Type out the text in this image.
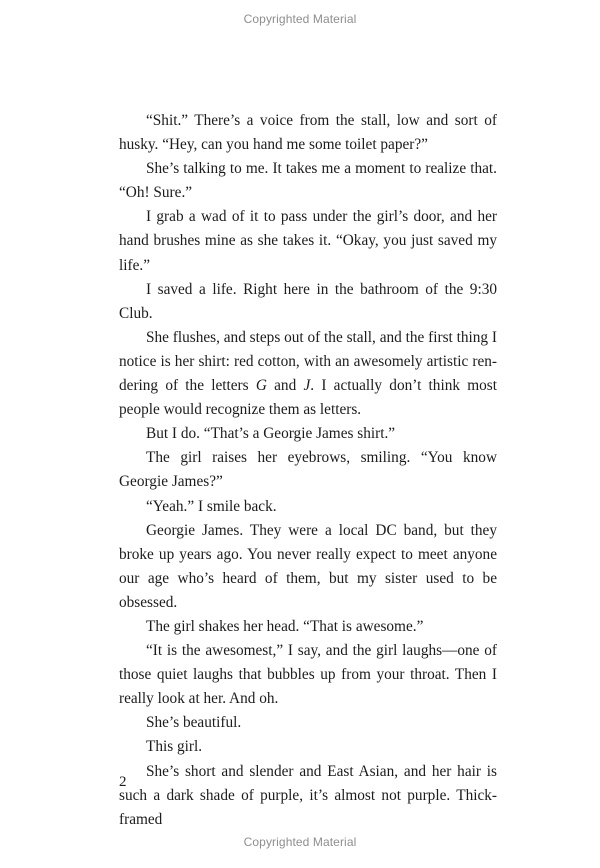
Copyrighted Material

“Shit.” There’s a voice from the stall, low and sort of husky. “Hey, can you hand me some toilet paper?”

She’s talking to me. It takes me a moment to realize that. “Oh! Sure.”

I grab a wad of it to pass under the girl’s door, and her hand brushes mine as she takes it. “Okay, you just saved my life.”

I saved a life. Right here in the bathroom of the 9:30 Club.

She flushes, and steps out of the stall, and the first thing I notice is her shirt: red cotton, with an awesomely artistic rendering of the letters G and J. I actually don’t think most people would recognize them as letters.

But I do. “That’s a Georgie James shirt.”

The girl raises her eyebrows, smiling. “You know Georgie James?”

“Yeah.” I smile back.

Georgie James. They were a local DC band, but they broke up years ago. You never really expect to meet anyone our age who’s heard of them, but my sister used to be obsessed.

The girl shakes her head. “That is awesome.”

“It is the awesomest,” I say, and the girl laughs—one of those quiet laughs that bubbles up from your throat. Then I really look at her. And oh.

She’s beautiful.

This girl.

She’s short and slender and East Asian, and her hair is such a dark shade of purple, it’s almost not purple. Thick-framed

2
Copyrighted Material
